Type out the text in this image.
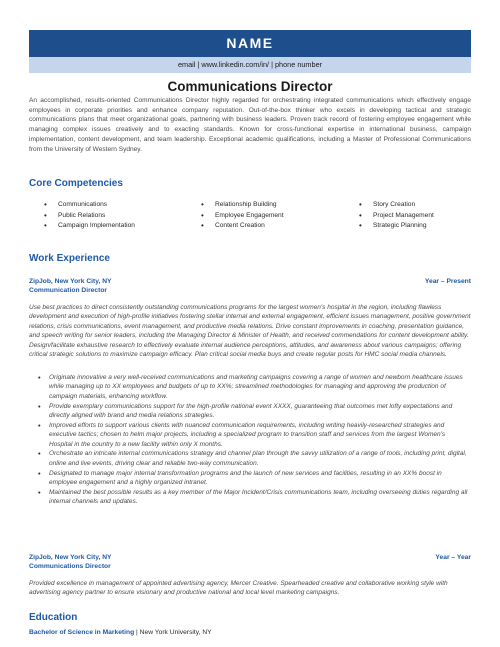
NAME
email | www.linkedin.com/in/ | phone number
Communications Director

An accomplished, results-oriented Communications Director highly regarded for orchestrating integrated communications which effectively engage employees in corporate priorities and enhance company reputation. Out-of-the-box thinker who excels in developing tactical and strategic communications plans that meet organizational goals, partnering with business leaders. Proven track record of fostering employee engagement while managing complex issues creatively and to exacting standards. Known for cross-functional expertise in international business, campaign implementation, content development, and team leadership. Exceptional academic qualifications, including a Master of Professional Communications from the University of Western Sydney.

Core Competencies
• Communications
• Public Relations
• Campaign Implementation
• Relationship Building
• Employee Engagement
• Content Creation
• Story Creation
• Project Management
• Strategic Planning
Work Experience
ZipJob, New York City, NY	Year – Present
Communication Director

Use best practices to direct consistently outstanding communications programs for the largest women's hospital in the region, including flawless development and execution of high-profile initiatives fostering stellar internal and external engagement, efficient issues management, positive government relations, crisis communications, event management, and productive media relations. Drive constant improvements in coaching, presentation guidance, and speech writing for senior leaders, including the Managing Director & Minister of Health, and received commendations for content development ability. Design/facilitate exhaustive research to effectively evaluate internal audience perceptions, attitudes, and awareness about various campaigns; offering critical strategic solutions to maximize campaign efficacy. Plan critical social media buys and create regular posts for HMC social media channels.

• Originate innovative a very well-received communications and marketing campaigns covering a range of women and newborn healthcare issues while managing up to XX employees and budgets of up to XX%; streamlined methodologies for managing and approving the production of campaign materials, enhancing workflow.
• Provide exemplary communications support for the high-profile national event XXXX, guaranteeing that outcomes met lofty expectations and directly aligned with brand and media relations strategies.
• Improved efforts to support various clients with nuanced communication requirements, including writing heavily-researched strategies and executive tactics; chosen to helm major projects, including a specialized program to transition staff and services from the largest Women's Hospital in the country to a new facility within only X months.
• Orchestrate an intricate internal communications strategy and channel plan through the savvy utilization of a range of tools, including print, digital, online and live events, driving clear and reliable two-way communication.
• Designated to manage major internal transformation programs and the launch of new services and facilities, resulting in an XX% boost in employee engagement and a highly organized intranet.
• Maintained the best possible results as a key member of the Major Incident/Crisis communications team, including overseeing duties regarding all internal channels and updates.
ZipJob, New York City, NY	Year – Year
Communications Director

Provided excellence in management of appointed advertising agency, Mercer Creative. Spearheaded creative and collaborative working style with advertising agency partner to ensure visionary and productive national and local level marketing campaigns.

Education
Bachelor of Science in Marketing | New York University, NY
